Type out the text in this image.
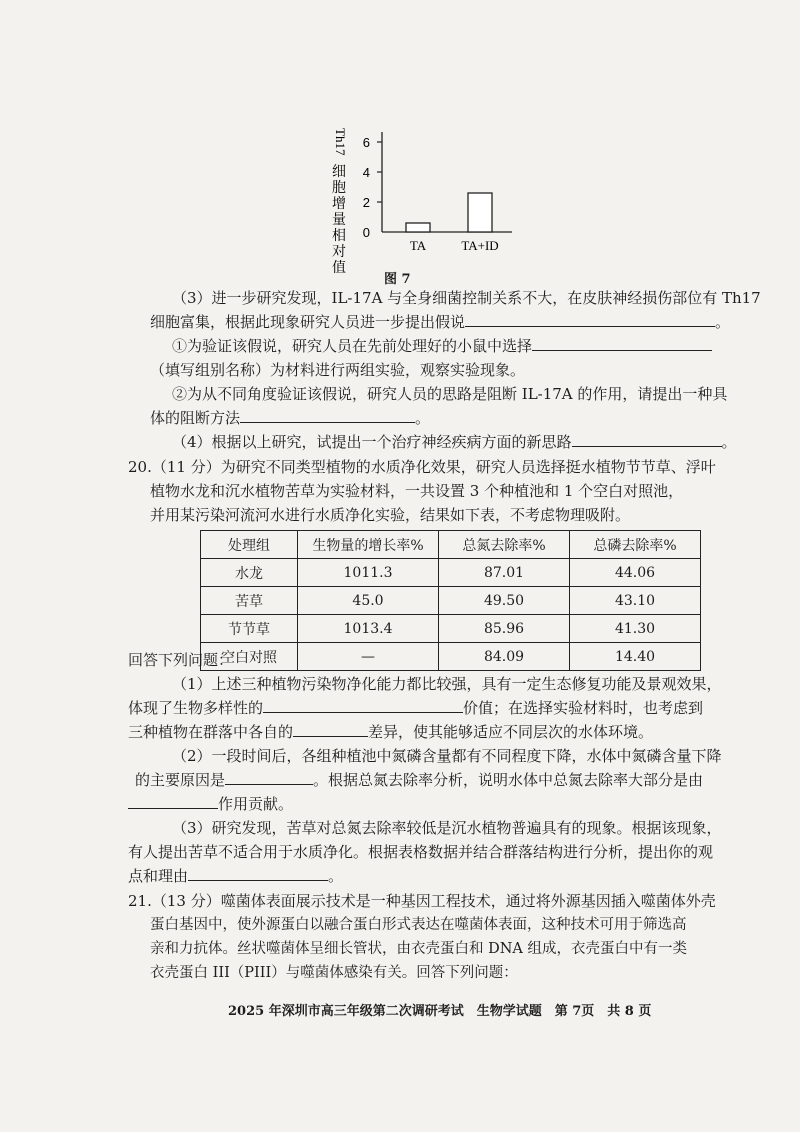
Th17
细
胞
增
量
相
对
值
0
2
4
6
TA	TA+ID
图 7
（3）进一步研究发现，IL-17A 与全身细菌控制关系不大，在皮肤神经损伤部位有 Th17
细胞富集，根据此现象研究人员进一步提出假说	。
①为验证该假说，研究人员在先前处理好的小鼠中选择
（填写组别名称）为材料进行两组实验，观察实验现象。
②为从不同角度验证该假说，研究人员的思路是阻断 IL-17A 的作用，请提出一种具
体的阻断方法	。
（4）根据以上研究，试提出一个治疗神经疾病方面的新思路	。
20.（11 分）为研究不同类型植物的水质净化效果，研究人员选择挺水植物节节草、浮叶
植物水龙和沉水植物苦草为实验材料，一共设置 3 个种植池和 1 个空白对照池，
并用某污染河流河水进行水质净化实验，结果如下表，不考虑物理吸附。
处理组	生物量的增长率%	总氮去除率%	总磷去除率%
水龙	1011.3	87.01	44.06
苦草	45.0	49.50	43.10
节节草	1013.4	85.96	41.30
空白对照	—	84.09	14.40
回答下列问题：
（1）上述三种植物污染物净化能力都比较强，具有一定生态修复功能及景观效果，
体现了生物多样性的	价值；在选择实验材料时，也考虑到
三种植物在群落中各自的	差异，使其能够适应不同层次的水体环境。
（2）一段时间后，各组种植池中氮磷含量都有不同程度下降，水体中氮磷含量下降
的主要原因是	。根据总氮去除率分析，说明水体中总氮去除率大部分是由
作用贡献。
（3）研究发现，苦草对总氮去除率较低是沉水植物普遍具有的现象。根据该现象，
有人提出苦草不适合用于水质净化。根据表格数据并结合群落结构进行分析，提出你的观
点和理由	。
21.（13 分）噬菌体表面展示技术是一种基因工程技术，通过将外源基因插入噬菌体外壳
蛋白基因中，使外源蛋白以融合蛋白形式表达在噬菌体表面，这种技术可用于筛选高
2025 年深圳市高三年级第二次调研考试　生物学试题　第 7页　共 8 页
亲和力抗体。丝状噬菌体呈细长管状，由衣壳蛋白和 DNA 组成，衣壳蛋白中有一类
衣壳蛋白 III（PIII）与噬菌体感染有关。回答下列问题：
